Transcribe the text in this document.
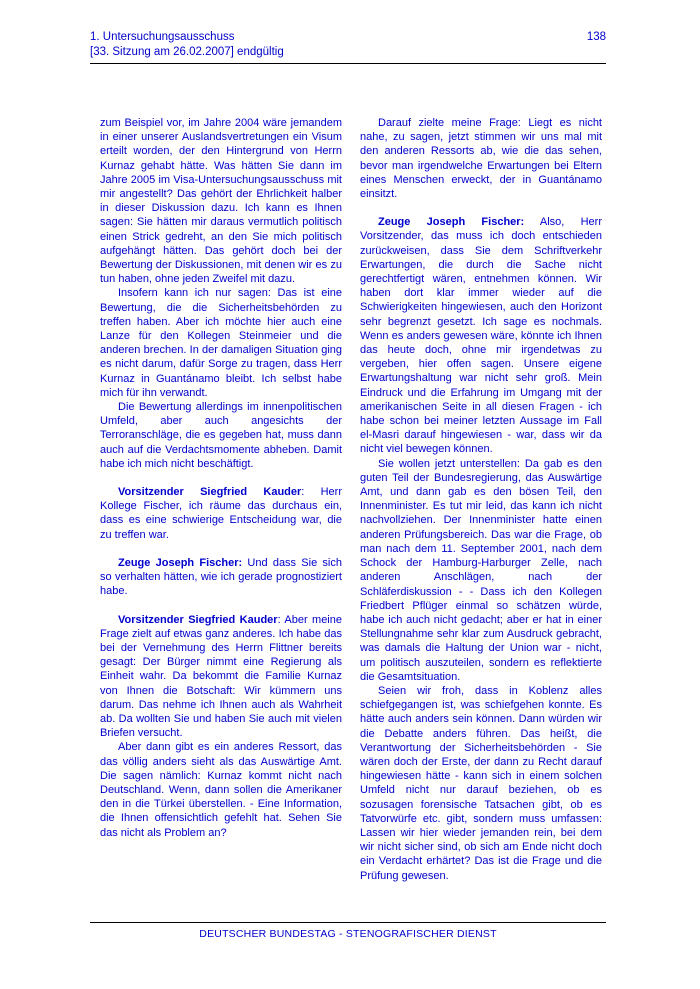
1. Untersuchungsausschuss
[33. Sitzung am 26.02.2007] endgültig
138

zum Beispiel vor, im Jahre 2004 wäre jemandem in einer unserer Auslandsvertretungen ein Visum erteilt worden, der den Hintergrund von Herrn Kurnaz gehabt hätte. Was hätten Sie dann im Jahre 2005 im Visa-Untersuchungsausschuss mit mir angestellt? Das gehört der Ehrlichkeit halber in dieser Diskussion dazu. Ich kann es Ihnen sagen: Sie hätten mir daraus vermutlich politisch einen Strick gedreht, an den Sie mich politisch aufgehängt hätten. Das gehört doch bei der Bewertung der Diskussionen, mit denen wir es zu tun haben, ohne jeden Zweifel mit dazu.

Insofern kann ich nur sagen: Das ist eine Bewertung, die die Sicherheitsbehörden zu treffen haben. Aber ich möchte hier auch eine Lanze für den Kollegen Steinmeier und die anderen brechen. In der damaligen Situation ging es nicht darum, dafür Sorge zu tragen, dass Herr Kurnaz in Guantánamo bleibt. Ich selbst habe mich für ihn verwandt.

Die Bewertung allerdings im innenpolitischen Umfeld, aber auch angesichts der Terroranschläge, die es gegeben hat, muss dann auch auf die Verdachtsmomente abheben. Damit habe ich mich nicht beschäftigt.

Vorsitzender Siegfried Kauder: Herr Kollege Fischer, ich räume das durchaus ein, dass es eine schwierige Entscheidung war, die zu treffen war.

Zeuge Joseph Fischer: Und dass Sie sich so verhalten hätten, wie ich gerade prognostiziert habe.

Vorsitzender Siegfried Kauder: Aber meine Frage zielt auf etwas ganz anderes. Ich habe das bei der Vernehmung des Herrn Flittner bereits gesagt: Der Bürger nimmt eine Regierung als Einheit wahr. Da bekommt die Familie Kurnaz von Ihnen die Botschaft: Wir kümmern uns darum. Das nehme ich Ihnen auch als Wahrheit ab. Da wollten Sie und haben Sie auch mit vielen Briefen versucht.

Aber dann gibt es ein anderes Ressort, das das völlig anders sieht als das Auswärtige Amt. Die sagen nämlich: Kurnaz kommt nicht nach Deutschland. Wenn, dann sollen die Amerikaner den in die Türkei überstellen. - Eine Information, die Ihnen offensichtlich gefehlt hat. Sehen Sie das nicht als Problem an?

Darauf zielte meine Frage: Liegt es nicht nahe, zu sagen, jetzt stimmen wir uns mal mit den anderen Ressorts ab, wie die das sehen, bevor man irgendwelche Erwartungen bei Eltern eines Menschen erweckt, der in Guantánamo einsitzt.

Zeuge Joseph Fischer: Also, Herr Vorsitzender, das muss ich doch entschieden zurückweisen, dass Sie dem Schriftverkehr Erwartungen, die durch die Sache nicht gerechtfertigt wären, entnehmen können. Wir haben dort klar immer wieder auf die Schwierigkeiten hingewiesen, auch den Horizont sehr begrenzt gesetzt. Ich sage es nochmals. Wenn es anders gewesen wäre, könnte ich Ihnen das heute doch, ohne mir irgendetwas zu vergeben, hier offen sagen. Unsere eigene Erwartungshaltung war nicht sehr groß. Mein Eindruck und die Erfahrung im Umgang mit der amerikanischen Seite in all diesen Fragen - ich habe schon bei meiner letzten Aussage im Fall el-Masri darauf hingewiesen - war, dass wir da nicht viel bewegen können.

Sie wollen jetzt unterstellen: Da gab es den guten Teil der Bundesregierung, das Auswärtige Amt, und dann gab es den bösen Teil, den Innenminister. Es tut mir leid, das kann ich nicht nachvollziehen. Der Innenminister hatte einen anderen Prüfungsbereich. Das war die Frage, ob man nach dem 11. September 2001, nach dem Schock der Hamburg-Harburger Zelle, nach anderen Anschlägen, nach der Schläferdiskussion - - Dass ich den Kollegen Friedbert Pflüger einmal so schätzen würde, habe ich auch nicht gedacht; aber er hat in einer Stellungnahme sehr klar zum Ausdruck gebracht, was damals die Haltung der Union war - nicht, um politisch auszuteilen, sondern es reflektierte die Gesamtsituation.

Seien wir froh, dass in Koblenz alles schiefgegangen ist, was schiefgehen konnte. Es hätte auch anders sein können. Dann würden wir die Debatte anders führen. Das heißt, die Verantwortung der Sicherheitsbehörden - Sie wären doch der Erste, der dann zu Recht darauf hingewiesen hätte - kann sich in einem solchen Umfeld nicht nur darauf beziehen, ob es sozusagen forensische Tatsachen gibt, ob es Tatvorwürfe etc. gibt, sondern muss umfassen: Lassen wir hier wieder jemanden rein, bei dem wir nicht sicher sind, ob sich am Ende nicht doch ein Verdacht erhärtet? Das ist die Frage und die Prüfung gewesen.

DEUTSCHER BUNDESTAG - STENOGRAFISCHER DIENST
